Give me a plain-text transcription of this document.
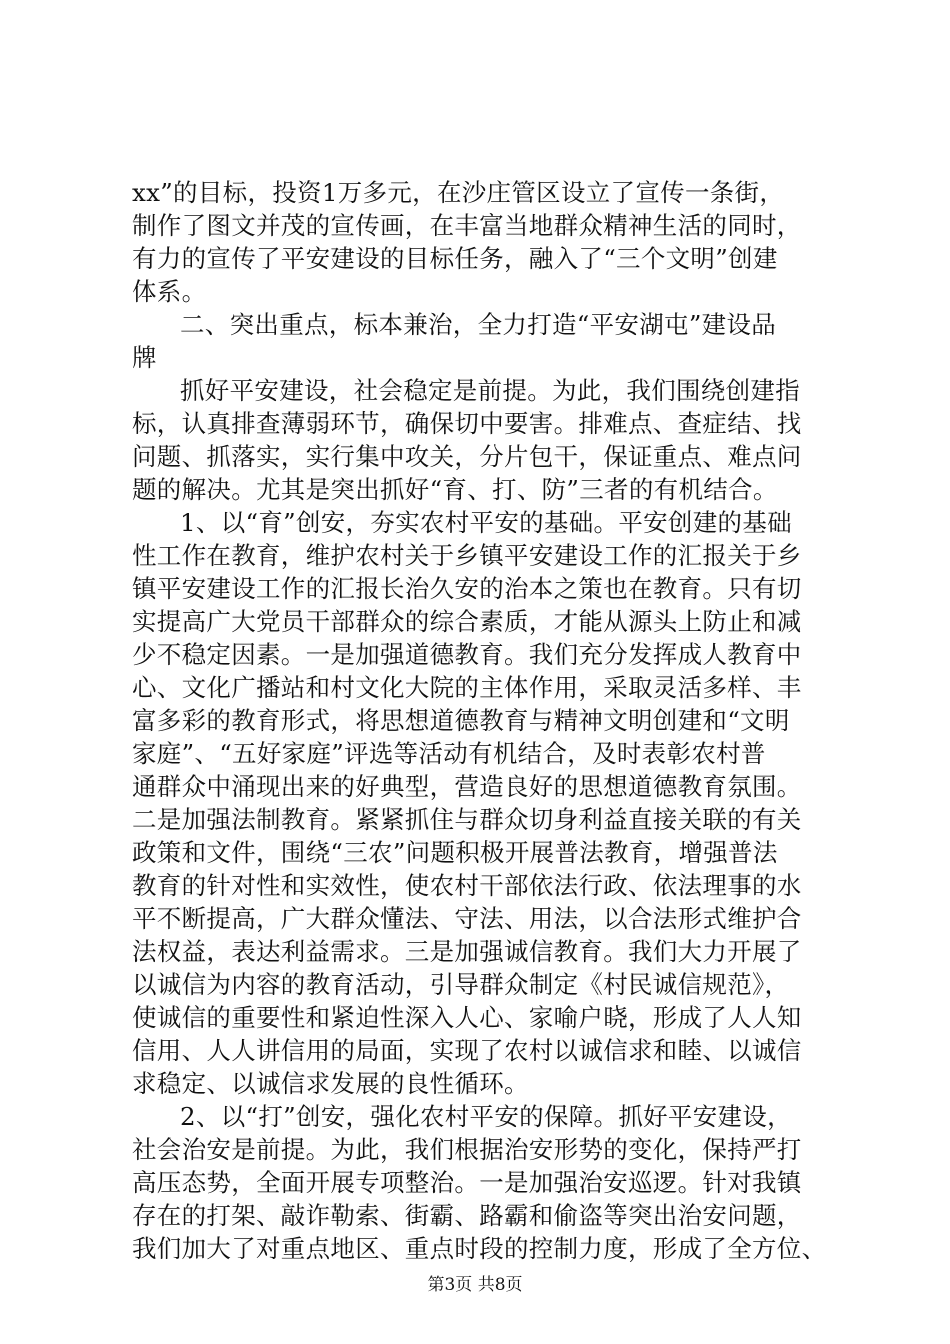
xx”的目标，投资1万多元，在沙庄管区设立了宣传一条街，
制作了图文并茂的宣传画，在丰富当地群众精神生活的同时，
有力的宣传了平安建设的目标任务，融入了“三个文明”创建
体系。
二、突出重点，标本兼治，全力打造“平安湖屯”建设品
牌
抓好平安建设，社会稳定是前提。为此，我们围绕创建指
标，认真排查薄弱环节，确保切中要害。排难点、查症结、找
问题、抓落实，实行集中攻关，分片包干，保证重点、难点问
题的解决。尤其是突出抓好“育、打、防”三者的有机结合。
1、以“育”创安，夯实农村平安的基础。平安创建的基础
性工作在教育，维护农村关于乡镇平安建设工作的汇报关于乡
镇平安建设工作的汇报长治久安的治本之策也在教育。只有切
实提高广大党员干部群众的综合素质，才能从源头上防止和减
少不稳定因素。一是加强道德教育。我们充分发挥成人教育中
心、文化广播站和村文化大院的主体作用，采取灵活多样、丰
富多彩的教育形式，将思想道德教育与精神文明创建和“文明
家庭”、“五好家庭”评选等活动有机结合，及时表彰农村普
通群众中涌现出来的好典型，营造良好的思想道德教育氛围。
二是加强法制教育。紧紧抓住与群众切身利益直接关联的有关
政策和文件，围绕“三农”问题积极开展普法教育，增强普法
教育的针对性和实效性，使农村干部依法行政、依法理事的水
平不断提高，广大群众懂法、守法、用法，以合法形式维护合
法权益，表达利益需求。三是加强诚信教育。我们大力开展了
以诚信为内容的教育活动，引导群众制定《村民诚信规范》，
使诚信的重要性和紧迫性深入人心、家喻户晓，形成了人人知
信用、人人讲信用的局面，实现了农村以诚信求和睦、以诚信
求稳定、以诚信求发展的良性循环。
2、以“打”创安，强化农村平安的保障。抓好平安建设，
社会治安是前提。为此，我们根据治安形势的变化，保持严打
高压态势，全面开展专项整治。一是加强治安巡逻。针对我镇
存在的打架、敲诈勒索、街霸、路霸和偷盗等突出治安问题，
我们加大了对重点地区、重点时段的控制力度，形成了全方位、
第3页 共8页
